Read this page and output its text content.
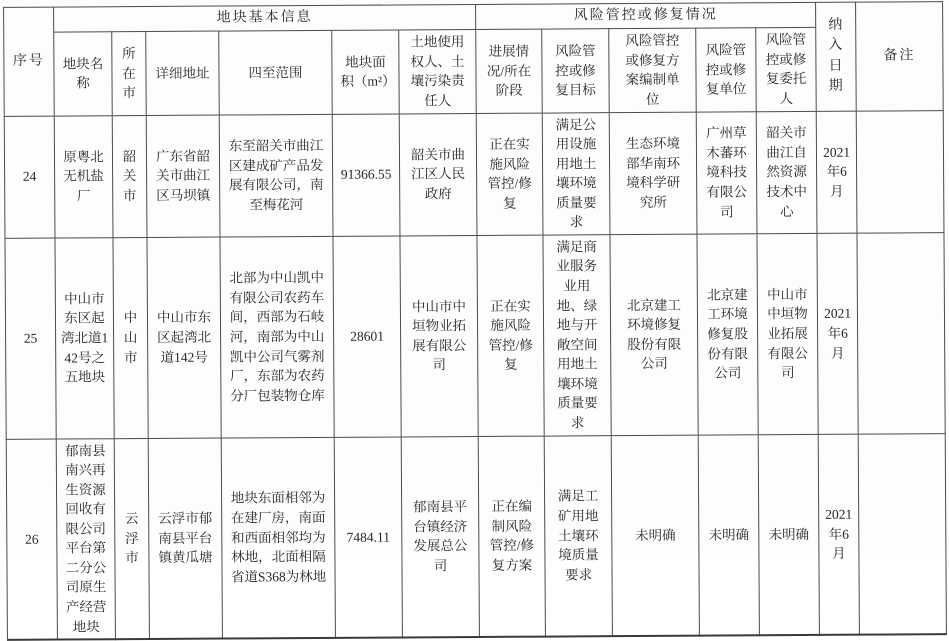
序号	地块基本信息						风险管控或修复情况					纳入日期	备注
	地块名称	所在市	详细地址	四至范围	地块面积（m²）	土地使用权人、土壤污染责任人	进展情况/所在阶段	风险管控或修复目标	风险管控或修复方案编制单位	风险管控或修复单位	风险管控或修复委托人		
24	原粤北无机盐厂	韶关市	广东省韶关市曲江区马坝镇	东至韶关市曲江区建成矿产品发展有限公司，南至梅花河	91366.55	韶关市曲江区人民政府	正在实施风险管控/修复	满足公用设施用地土壤环境质量要求	生态环境部华南环境科学研究所	广州草木蕃环境科技有限公司	韶关市曲江自然资源技术中心	2021年6月	
25	中山市东区起湾北道142号之五地块	中山市	中山市东区起湾北道142号	北部为中山凯中有限公司农药车间，西部为石岐河，南部为中山凯中公司气雾剂厂，东部为农药分厂包装物仓库	28601	中山市中垣物业拓展有限公司	正在实施风险管控/修复	满足商业服务业用地、绿地与开敞空间用地土壤环境质量要求	北京建工环境修复股份有限公司	北京建工环境修复股份有限公司	中山市中垣物业拓展有限公司	2021年6月	
26	郁南县南兴再生资源回收有限公司平台第二分公司原生产经营地块	云浮市	云浮市郁南县平台镇黄瓜塘	地块东面相邻为在建厂房，南面和西面相邻均为林地，北面相隔省道S368为林地	7484.11	郁南县平台镇经济发展总公司	正在编制风险管控/修复方案	满足工矿用地土壤环境质量要求	未明确	未明确	未明确	2021年6月	
